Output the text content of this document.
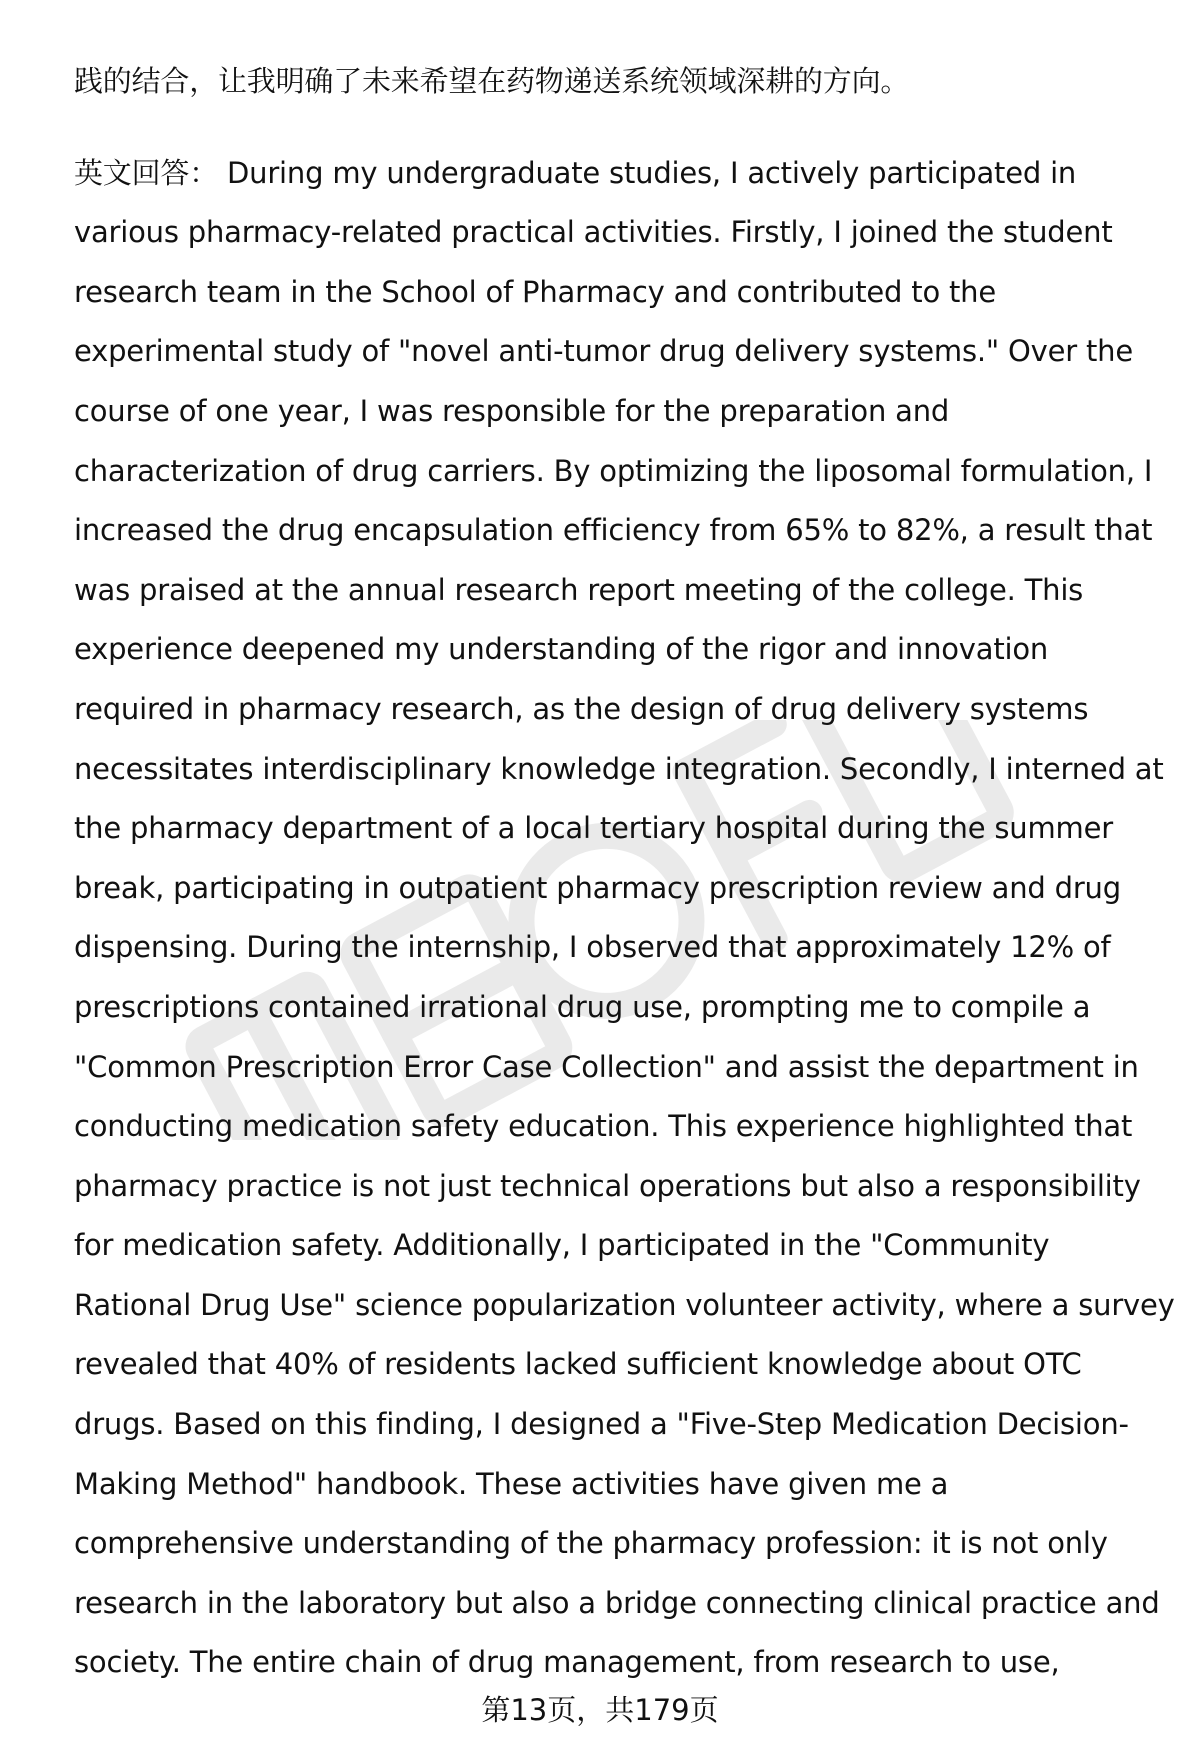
践的结合，让我明确了未来希望在药物递送系统领域深耕的方向。
英文回答： During my undergraduate studies, I actively participated in
various pharmacy-related practical activities. Firstly, I joined the student
research team in the School of Pharmacy and contributed to the
experimental study of "novel anti-tumor drug delivery systems." Over the
course of one year, I was responsible for the preparation and
characterization of drug carriers. By optimizing the liposomal formulation, I
increased the drug encapsulation efficiency from 65% to 82%, a result that
was praised at the annual research report meeting of the college. This
experience deepened my understanding of the rigor and innovation
required in pharmacy research, as the design of drug delivery systems
necessitates interdisciplinary knowledge integration. Secondly, I interned at
the pharmacy department of a local tertiary hospital during the summer
break, participating in outpatient pharmacy prescription review and drug
dispensing. During the internship, I observed that approximately 12% of
prescriptions contained irrational drug use, prompting me to compile a
"Common Prescription Error Case Collection" and assist the department in
conducting medication safety education. This experience highlighted that
pharmacy practice is not just technical operations but also a responsibility
for medication safety. Additionally, I participated in the "Community
Rational Drug Use" science popularization volunteer activity, where a survey
revealed that 40% of residents lacked sufficient knowledge about OTC
drugs. Based on this finding, I designed a "Five-Step Medication Decision-
Making Method" handbook. These activities have given me a
comprehensive understanding of the pharmacy profession: it is not only
research in the laboratory but also a bridge connecting clinical practice and
society. The entire chain of drug management, from research to use,
第13页，共179页
